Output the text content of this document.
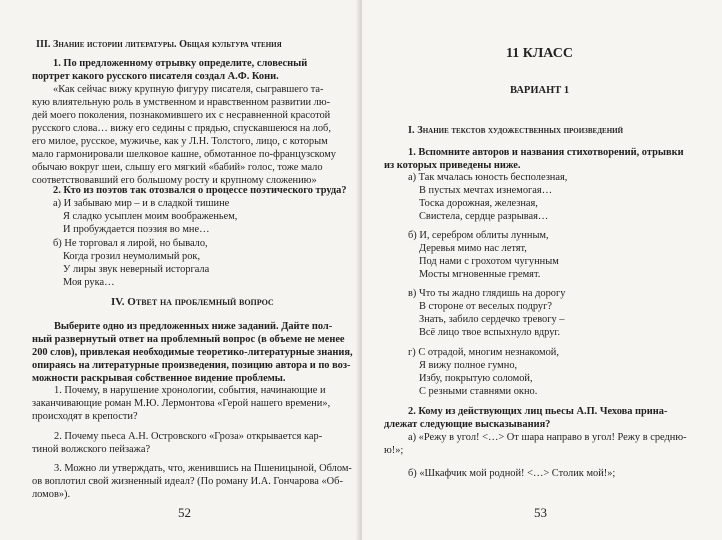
III. Знание истории литературы. Общая культура чтения
1. По предложенному отрывку определите, словесный
портрет какого русского писателя создал А.Ф. Кони.
«Как сейчас вижу крупную фигуру писателя, сыгравшего та-
кую влиятельную роль в умственном и нравственном развитии лю-
дей моего поколения, познакомившего их с несравненной красотой
русского слова… вижу его седины с прядью, спускавшеюся на лоб,
его милое, русское, мужичье, как у Л.Н. Толстого, лицо, с которым
мало гармонировали шелковое кашне, обмотанное по-французскому
обычаю вокруг шеи, слышу его мягкий «бабий» голос, тоже мало
соответствовавший его большому росту и крупному сложению»
2. Кто из поэтов так отозвался о процессе поэтического труда?
а) И забываю мир – и в сладкой тишине
Я сладко усыплен моим воображеньем,
И пробуждается поэзия во мне…
б) Не торговал я лирой, но бывало,
Когда грозил неумолимый рок,
У лиры звук неверный исторгала
Моя рука…
IV. Ответ на проблемный вопрос
Выберите одно из предложенных ниже заданий. Дайте пол-
ный развернутый ответ на проблемный вопрос (в объеме не менее
200 слов), привлекая необходимые теоретико-литературные знания,
опираясь на литературные произведения, позицию автора и по воз-
можности раскрывая собственное видение проблемы.
1. Почему, в нарушение хронологии, события, начинающие и
заканчивающие роман М.Ю. Лермонтова «Герой нашего времени»,
происходят в крепости?
2. Почему пьеса А.Н. Островского «Гроза» открывается кар-
тиной волжского пейзажа?
3. Можно ли утверждать, что, женившись на Пшеницыной, Облом-
ов воплотил свой жизненный идеал? (По роману И.А. Гончарова «Об-
ломов»).
52
11 КЛАСС
ВАРИАНТ 1
I. Знание текстов художественных произведений
1. Вспомните авторов и названия стихотворений, отрывки
из которых приведены ниже.
а) Так мчалась юность бесполезная,
В пустых мечтах изнемогая…
Тоска дорожная, железная,
Свистела, сердце разрывая…
б) И, серебром облиты лунным,
Деревья мимо нас летят,
Под нами с грохотом чугунным
Мосты мгновенные гремят.
в) Что ты жадно глядишь на дорогу
В стороне от веселых подруг?
Знать, забило сердечко тревогу –
Всё лицо твое вспыхнуло вдруг.
г) С отрадой, многим незнакомой,
Я вижу полное гумно,
Избу, покрытую соломой,
С резными ставнями окно.
2. Кому из действующих лиц пьесы А.П. Чехова прина-
длежат следующие высказывания?
а) «Режу в угол! <…> От шара направо в угол! Режу в средню-
ю!»;
б) «Шкафчик мой родной! <…> Столик мой!»;
53
